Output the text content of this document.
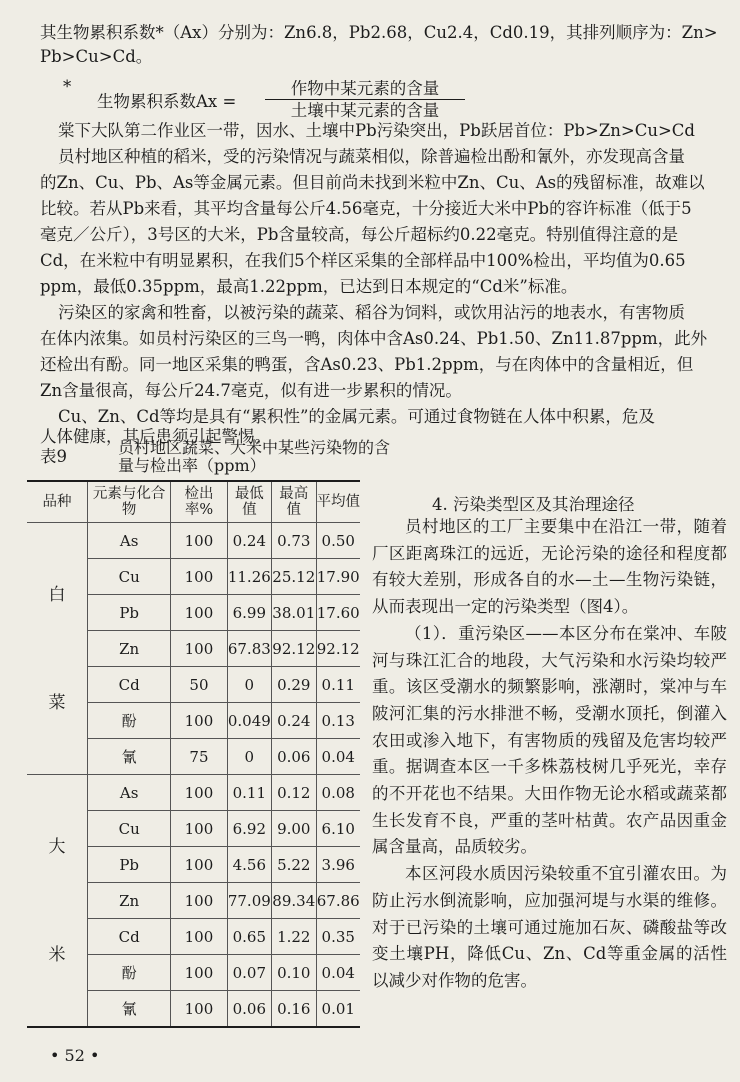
其生物累积系数*（Ax）分别为：Zn6.8，Pb2.68，Cu2.4，Cd0.19，其排列顺序为：Zn>
Pb>Cu>Cd。
*
生物累积系数Ax =
作物中某元素的含量
土壤中某元素的含量
棠下大队第二作业区一带，因水、土壤中Pb污染突出，Pb跃居首位：Pb>Zn>Cu>Cd
员村地区种植的稻米，受的污染情况与蔬菜相似，除普遍检出酚和氰外，亦发现高含量
的Zn、Cu、Pb、As等金属元素。但目前尚未找到米粒中Zn、Cu、As的残留标准，故难以
比较。若从Pb来看，其平均含量每公斤4.56毫克，十分接近大米中Pb的容许标准（低于5
毫克／公斤），3号区的大米，Pb含量较高，每公斤超标约0.22毫克。特别值得注意的是
Cd，在米粒中有明显累积，在我们5个样区采集的全部样品中100%检出，平均值为0.65
ppm，最低0.35ppm，最高1.22ppm，已达到日本规定的“Cd米”标准。
污染区的家禽和牲畜，以被污染的蔬菜、稻谷为饲料，或饮用沾污的地表水，有害物质
在体内浓集。如员村污染区的三鸟一鸭，肉体中含As0.24、Pb1.50、Zn11.87ppm，此外
还检出有酚。同一地区采集的鸭蛋，含As0.23、Pb1.2ppm，与在肉体中的含量相近，但
Zn含量很高，每公斤24.7毫克，似有进一步累积的情况。
Cu、Zn、Cd等均是具有“累积性”的金属元素。可通过食物链在人体中积累，危及
人体健康，其后患须引起警惕。
表9	员村地区蔬菜、大米中某些污染物的含量与检出率（ppm）
品种	元素与化合物	检出率%	最低值	最高值	平均值

白
菜	As	100	0.24	0.73	0.50
	Cu	100	11.26	25.12	17.90
	Pb	100	6.99	38.01	17.60
	Zn	100	67.83	92.12	92.12
	Cd	50	0	0.29	0.11
	酚	100	0.049	0.24	0.13
	氰	75	0	0.06	0.04

大
米	As	100	0.11	0.12	0.08
	Cu	100	6.92	9.00	6.10
	Pb	100	4.56	5.22	3.96
	Zn	100	77.09	89.34	67.86
	Cd	100	0.65	1.22	0.35
	酚	100	0.07	0.10	0.04
	氰	100	0.06	0.16	0.01
4. 污染类型区及其治理途径

员村地区的工厂主要集中在沿江一带，随着厂区距离珠江的远近，无论污染的途径和程度都有较大差别，形成各自的水—土—生物污染链，从而表现出一定的污染类型（图4）。

（1）．重污染区——本区分布在棠冲、车陂河与珠江汇合的地段，大气污染和水污染均较严重。该区受潮水的频繁影响，涨潮时，棠冲与车陂河汇集的污水排泄不畅，受潮水顶托，倒灌入农田或渗入地下，有害物质的残留及危害均较严重。据调查本区一千多株荔枝树几乎死光，幸存的不开花也不结果。大田作物无论水稻或蔬菜都生长发育不良，严重的茎叶枯黄。农产品因重金属含量高，品质较劣。

本区河段水质因污染较重不宜引灌农田。为防止污水倒流影响，应加强河堤与水渠的维修。对于已污染的土壤可通过施加石灰、磷酸盐等改变土壤PH，降低Cu、Zn、Cd等重金属的活性以减少对作物的危害。

• 52 •
